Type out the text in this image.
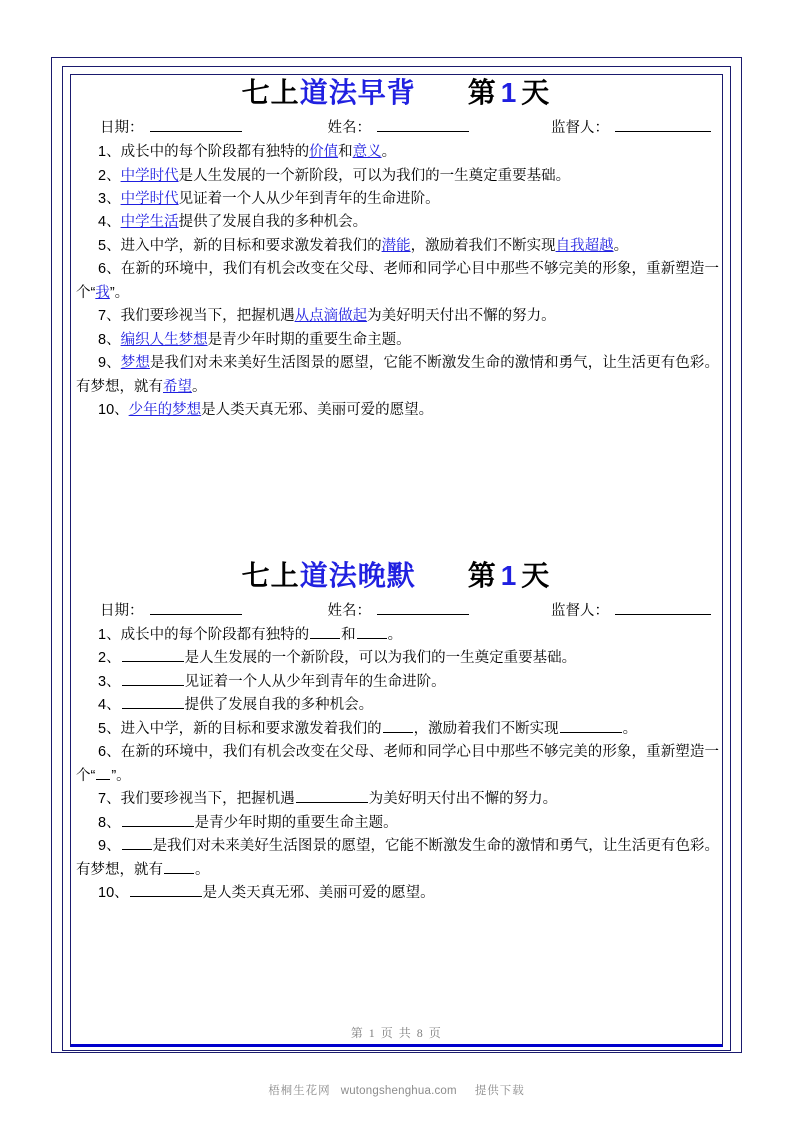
七上道法早背 第 1 天
日期：	姓名：	监督人：
1、成长中的每个阶段都有独特的价值和意义。
2、中学时代是人生发展的一个新阶段，可以为我们的一生奠定重要基础。
3、中学时代见证着一个人从少年到青年的生命进阶。
4、中学生活提供了发展自我的多种机会。
5、进入中学，新的目标和要求激发着我们的潜能，激励着我们不断实现自我超越。
6、在新的环境中，我们有机会改变在父母、老师和同学心目中那些不够完美的形象，重新塑造一个“我”。
7、我们要珍视当下，把握机遇从点滴做起为美好明天付出不懈的努力。
8、编织人生梦想是青少年时期的重要生命主题。
9、梦想是我们对未来美好生活图景的愿望，它能不断激发生命的激情和勇气，让生活更有色彩。有梦想，就有希望。
10、少年的梦想是人类天真无邪、美丽可爱的愿望。
七上道法晚默 第 1 天
日期：	姓名：	监督人：
1、成长中的每个阶段都有独特的 和 。
2、	是人生发展的一个新阶段，可以为我们的一生奠定重要基础。
3、	见证着一个人从少年到青年的生命进阶。
4、	提供了发展自我的多种机会。
5、进入中学，新的目标和要求激发着我们的 ，激励着我们不断实现	。
6、在新的环境中，我们有机会改变在父母、老师和同学心目中那些不够完美的形象，重新塑造一个“ ”。
7、我们要珍视当下，把握机遇	为美好明天付出不懈的努力。
8、	是青少年时期的重要生命主题。
9、 是我们对未来美好生活图景的愿望，它能不断激发生命的激情和勇气，让生活更有色彩。有梦想，就有 。
10、	是人类天真无邪、美丽可爱的愿望。
第 1 页 共 8 页
梧桐生花网 wutongshenghua.com 提供下载
